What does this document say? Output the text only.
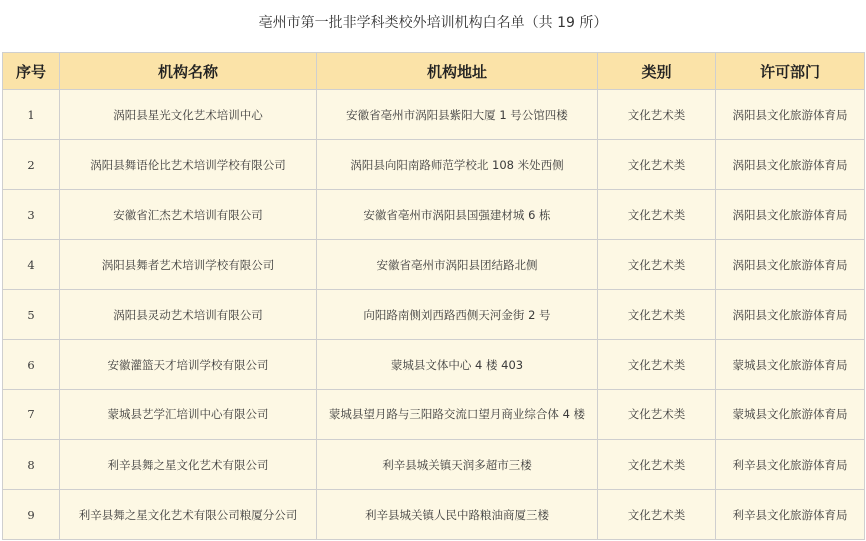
亳州市第一批非学科类校外培训机构白名单（共 19 所）
序号	机构名称	机构地址	类别	许可部门
1	涡阳县星光文化艺术培训中心	安徽省亳州市涡阳县紫阳大厦 1 号公馆四楼	文化艺术类	涡阳县文化旅游体育局
2	涡阳县舞语伦比艺术培训学校有限公司	涡阳县向阳南路师范学校北 108 米处西侧	文化艺术类	涡阳县文化旅游体育局
3	安徽省汇杰艺术培训有限公司	安徽省亳州市涡阳县国强建材城 6 栋	文化艺术类	涡阳县文化旅游体育局
4	涡阳县舞者艺术培训学校有限公司	安徽省亳州市涡阳县团结路北侧	文化艺术类	涡阳县文化旅游体育局
5	涡阳县灵动艺术培训有限公司	向阳路南侧刘西路西侧天河金街 2 号	文化艺术类	涡阳县文化旅游体育局
6	安徽灌篮天才培训学校有限公司	蒙城县文体中心 4 楼 403	文化艺术类	蒙城县文化旅游体育局
7	蒙城县艺学汇培训中心有限公司	蒙城县望月路与三阳路交流口望月商业综合体 4 楼	文化艺术类	蒙城县文化旅游体育局
8	利辛县舞之星文化艺术有限公司	利辛县城关镇天润多超市三楼	文化艺术类	利辛县文化旅游体育局
9	利辛县舞之星文化艺术有限公司粮厦分公司	利辛县城关镇人民中路粮油商厦三楼	文化艺术类	利辛县文化旅游体育局
